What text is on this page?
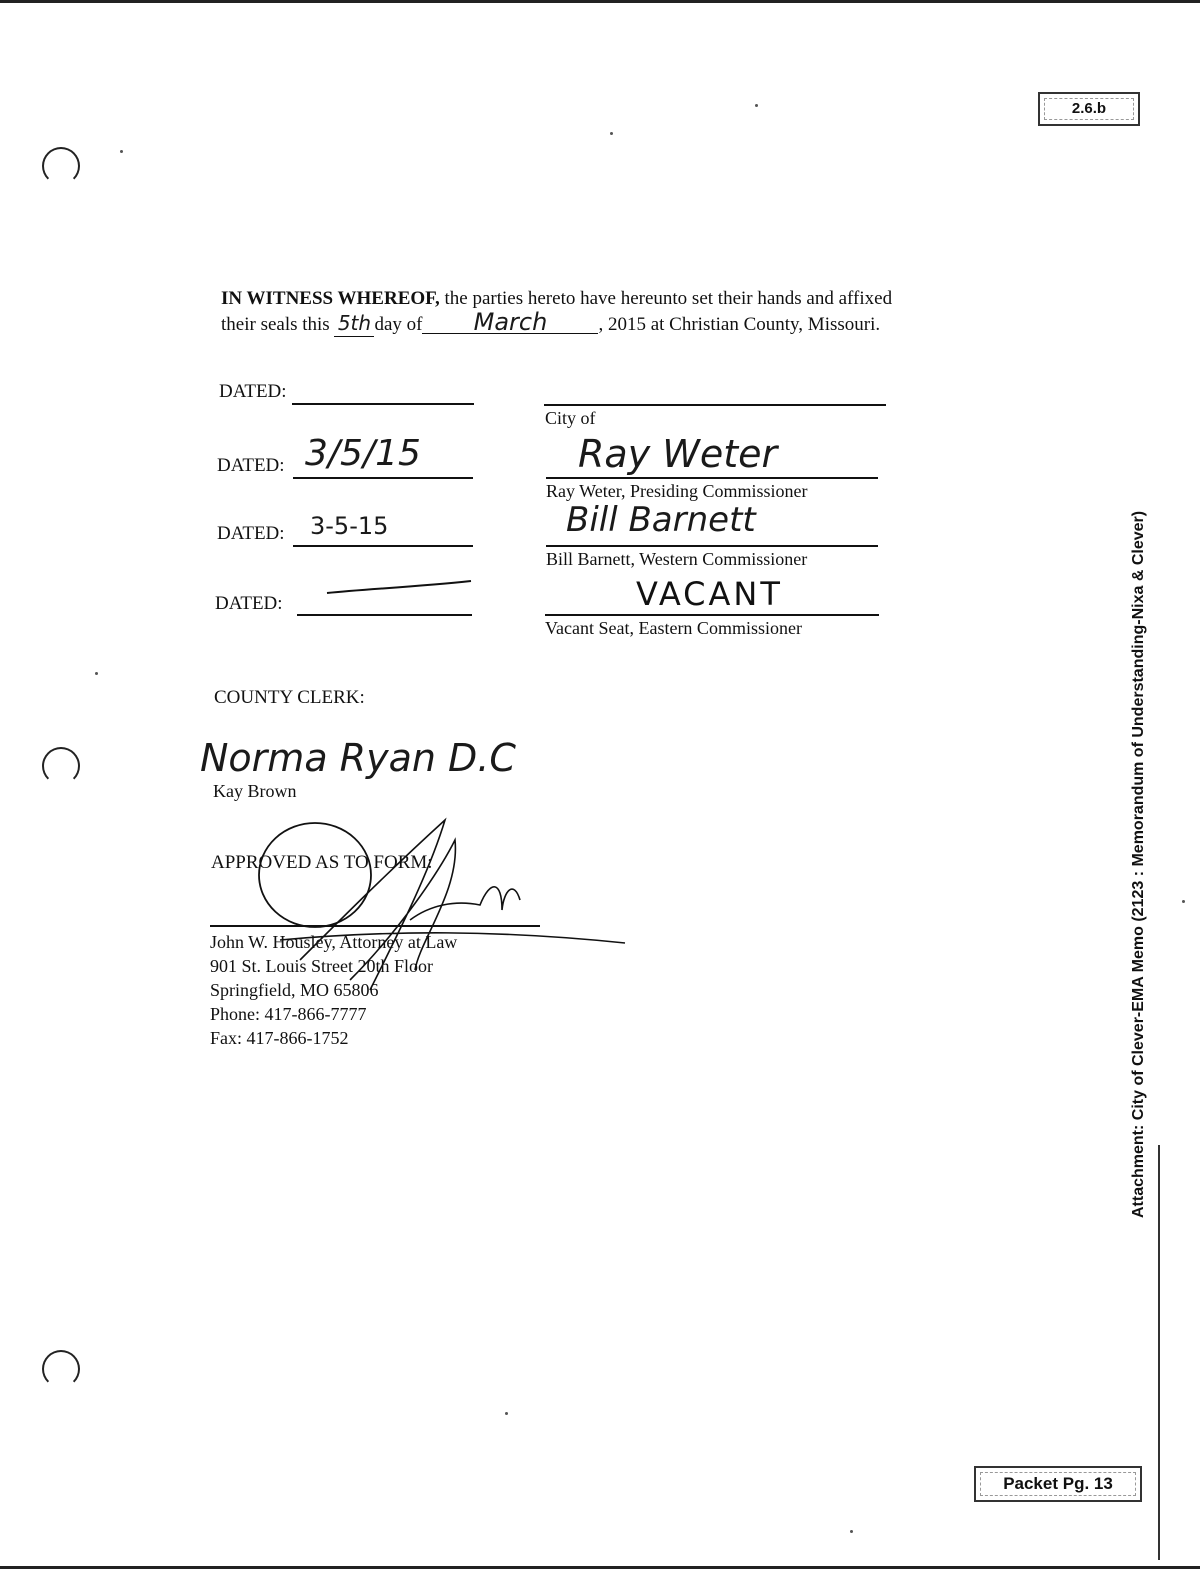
2.6.b
Attachment: City of Clever-EMA Memo (2123 : Memorandum of Understanding-Nixa & Clever)
IN WITNESS WHEREOF, the parties hereto have hereunto set their hands and affixed
their seals this 5th day of March	, 2015 at Christian County, Missouri.
DATED:
City of
DATED: 3/5/15	Ray Weter
Ray Weter, Presiding Commissioner
DATED: 3-5-15	Bill Barnett
Bill Barnett, Western Commissioner
DATED:	VACANT
Vacant Seat, Eastern Commissioner
COUNTY CLERK:
Norma Ryan D.C
Kay Brown
APPROVED AS TO FORM:
John W. Housley, Attorney at Law
901 St. Louis Street 20th Floor
Springfield, MO 65806
Phone: 417-866-7777
Fax: 417-866-1752
Packet Pg. 13
